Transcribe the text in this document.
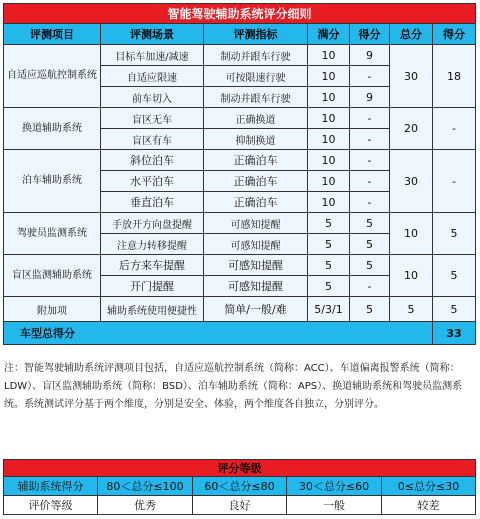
智能驾驶辅助系统评分细则						
评测项目	评测场景	评测指标	满分	得分	总分	得分
自适应巡航控制系统	目标车加速/减速	制动并跟车行驶	10	9	30	18
	自适应限速	可按限速行驶	10	-		
	前车切入	制动并跟车行驶	10	9		
换道辅助系统	盲区无车	正确换道	10	-	20	-
	盲区有车	抑制换道	10	-		
泊车辅助系统	斜位泊车	正确泊车	10	-	30	-
	水平泊车	正确泊车	10	-		
	垂直泊车	正确泊车	10	-		
驾驶员监测系统	手放开方向盘提醒	可感知提醒	5	5	10	5
	注意力转移提醒	可感知提醒	5	5		
盲区监测辅助系统	后方来车提醒	可感知提醒	5	5	10	5
	开门提醒	可感知提醒	5	-		
附加项	辅助系统使用便捷性	简单/一般/难	5/3/1	5	5	5
车型总得分						33
注：智能驾驶辅助系统评测项目包括，自适应巡航控制系统（简称：ACC）、车道偏离报警系统（简称：LDW）、盲区监测辅助系统（简称：BSD）、泊车辅助系统（简称：APS）、换道辅助系统和驾驶员监测系统。系统测试评分基于两个维度，分别是安全、体验，两个维度各自独立，分别评分。
评分等级				
辅助系统得分	80＜总分≤100	60＜总分≤80	30＜总分≤60	0≤总分≤30
评价等级	优秀	良好	一般	较差
